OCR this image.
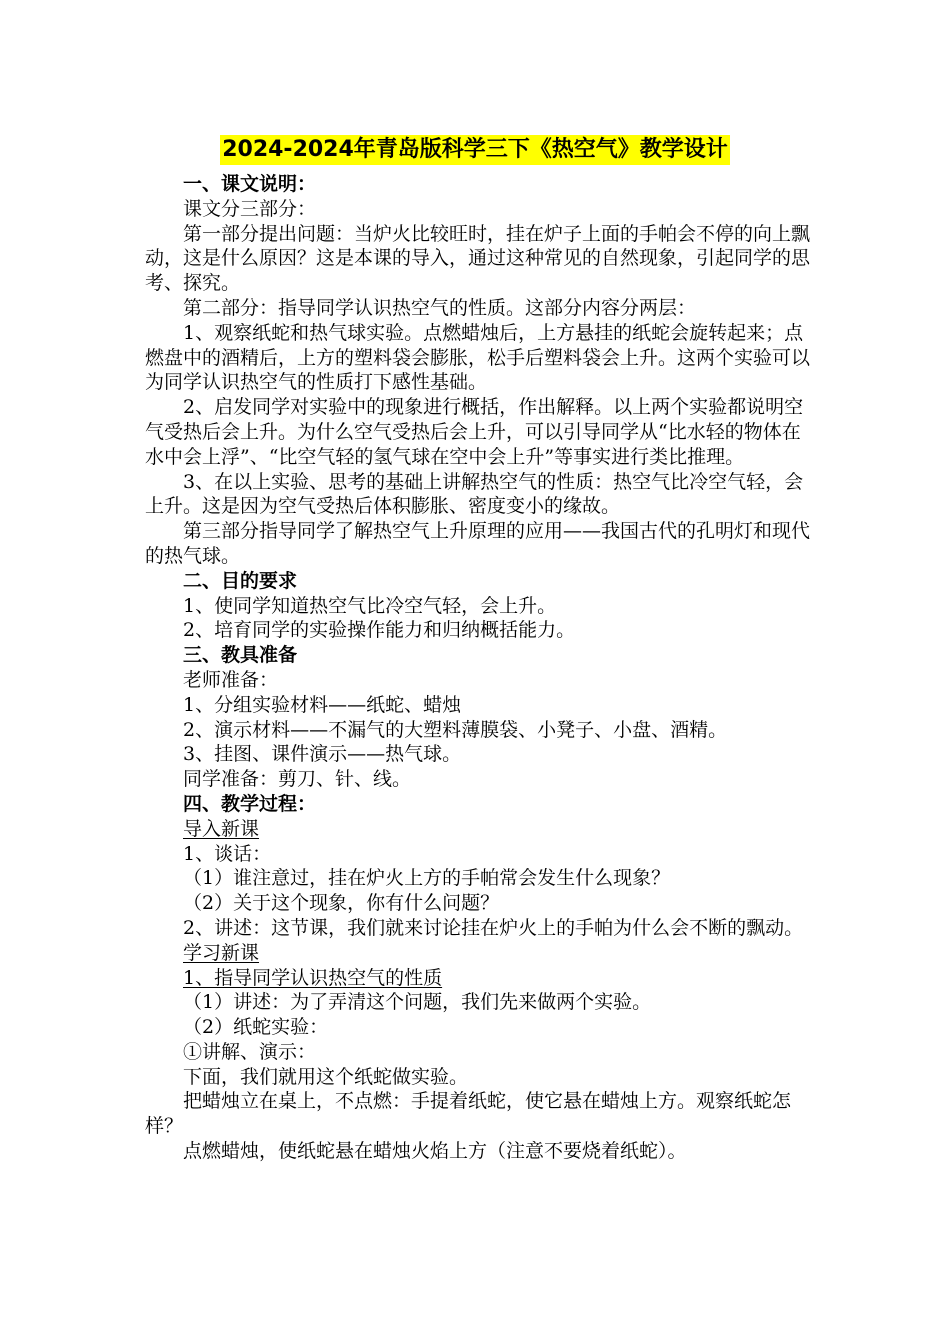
2024-2024年青岛版科学三下《热空气》教学设计

一、课文说明：

课文分三部分：

第一部分提出问题：当炉火比较旺时，挂在炉子上面的手帕会不停的向上飘动，这是什么原因？这是本课的导入，通过这种常见的自然现象，引起同学的思考、探究。

第二部分：指导同学认识热空气的性质。这部分内容分两层：

1、观察纸蛇和热气球实验。点燃蜡烛后，上方悬挂的纸蛇会旋转起来；点燃盘中的酒精后，上方的塑料袋会膨胀，松手后塑料袋会上升。这两个实验可以为同学认识热空气的性质打下感性基础。

2、启发同学对实验中的现象进行概括，作出解释。以上两个实验都说明空气受热后会上升。为什么空气受热后会上升，可以引导同学从“比水轻的物体在水中会上浮”、“比空气轻的氢气球在空中会上升”等事实进行类比推理。

3、在以上实验、思考的基础上讲解热空气的性质：热空气比冷空气轻，会上升。这是因为空气受热后体积膨胀、密度变小的缘故。

第三部分指导同学了解热空气上升原理的应用——我国古代的孔明灯和现代的热气球。

二、目的要求

1、使同学知道热空气比冷空气轻，会上升。

2、培育同学的实验操作能力和归纳概括能力。

三、教具准备

老师准备：

1、分组实验材料——纸蛇、蜡烛

2、演示材料——不漏气的大塑料薄膜袋、小凳子、小盘、酒精。

3、挂图、课件演示——热气球。

同学准备：剪刀、针、线。

四、教学过程：

导入新课

1、谈话：

（1）谁注意过，挂在炉火上方的手帕常会发生什么现象？

（2）关于这个现象，你有什么问题？

2、讲述：这节课，我们就来讨论挂在炉火上的手帕为什么会不断的飘动。

学习新课

1、指导同学认识热空气的性质

（1）讲述：为了弄清这个问题，我们先来做两个实验。

（2）纸蛇实验：

①讲解、演示：

下面，我们就用这个纸蛇做实验。

把蜡烛立在桌上，不点燃：手提着纸蛇，使它悬在蜡烛上方。观察纸蛇怎样？

点燃蜡烛，使纸蛇悬在蜡烛火焰上方（注意不要烧着纸蛇）。
